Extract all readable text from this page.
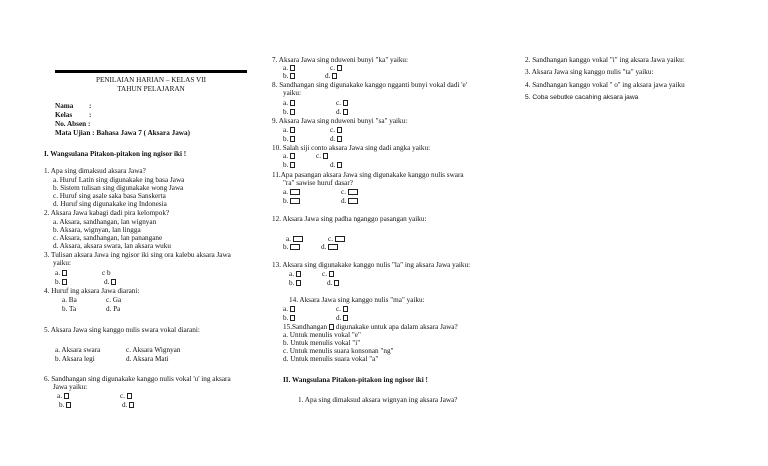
PENILAIAN HARIAN – KELAS VII
TAHUN PELAJARAN
Nama :
Kelas :
No. Absen :
Mata Ujian : Bahasa Jawa 7 ( Aksara Jawa)
I. Wangsulana Pitakon-pitakon ing ngisor iki !
1. Apa sing dimaksud aksara Jawa?
a. Huruf Latin sing digunakake ing basa Jawa
b. Sistem tulisan sing digunakake wong Jawa
c. Huruf sing asale saka basa Sanskerta
d. Huruf sing digunakake ing Indonesia
2. Aksara Jawa kabagi dadi pira kelompok?
a. Aksara, sandhangan, lan wignyan
b. Aksara, wignyan, lan lingga
c. Aksara, sandhangan, lan panangane
d. Aksara, aksara swara, lan aksara wuku
3. Tulisan aksara Jawa ing ngisor iki sing ora kalebu aksara Jawa
yaiku:
a.	c b
b.	d.
4. Huruf ing aksara Jawa diarani:
a. Ba	c. Ga
b. Ta	d. Pa
5. Aksara Jawa sing kanggo nulis swara vokal diarani:
a. Aksara swara	c. Aksara Wignyan
b. Aksara legi	d. Aksara Mati
6. Sandhangan sing digunakake kanggo nulis vokal 'u' ing aksara
Jawa yaiku:
a.	c.
b.	d.
7. Aksara Jawa sing nduweni bunyi "ka" yaiku:
a.	c.
b.	d.
8. Sandhangan sing digunakake kanggo ngganti bunyi vokal dadi 'e'
yaiku:
a.	c.
b.	d.
9. Aksara Jawa sing nduweni bunyi "sa" yaiku:
a.	c.
b.	d.
10. Salah siji conto aksara Jawa sing dadi angka yaiku:
a.	c.
b.	d.
11.Apa pasangan aksara Jawa sing digunakake kanggo nulis swara
"ra" sawise huruf dasar?
a.	c.
b.	d.
12. Aksara Jawa sing padha nganggo pasangan yaiku:
a.	c.
b.	d.
13. Aksara sing digunakake kanggo nulis "la" ing aksara Jawa yaiku:
a.	c.
b.	d.
14. Aksara Jawa sing kanggo nulis "ma" yaiku:
a.	c.
b.	d.
15.Sandhangan digunakake untuk apa dalam aksara Jawa?
a. Untuk menulis vokal "e"
b. Untuk menulis vokal "i"
c. Untuk menulis suara konsonan "ng"
d. Untuk menulis suara vokal "a"
II. Wangsulana Pitakon-pitakon ing ngisor iki !
1. Apa sing dimaksud aksara wignyan ing aksara Jawa?
2. Sandhangan kanggo vokal "i" ing aksara Jawa yaiku:
3. Aksara Jawa sing kanggo nulis "ta" yaiku:
4. Sandhangan kanggo vokal '' o'' ing aksara jawa yaiku
5. Coba sebutke cacahing aksara jawa
